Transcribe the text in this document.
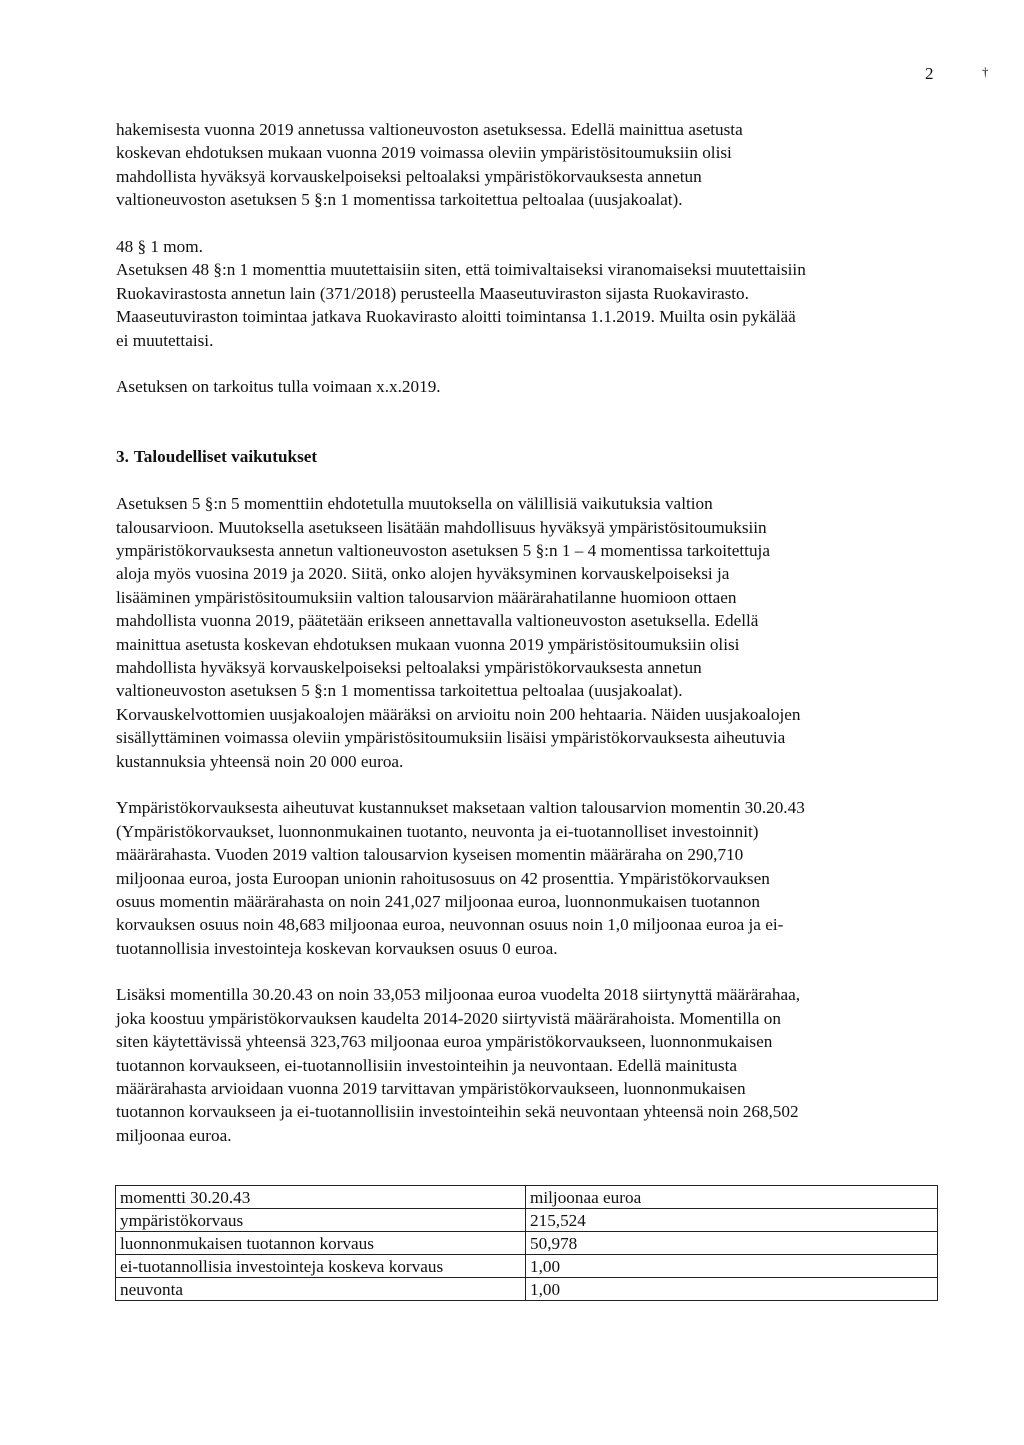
2	†
hakemisesta vuonna 2019 annetussa valtioneuvoston asetuksessa. Edellä mainittua asetusta
koskevan ehdotuksen mukaan vuonna 2019 voimassa oleviin ympäristösitoumuksiin olisi
mahdollista hyväksyä korvauskelpoiseksi peltoalaksi ympäristökorvauksesta annetun
valtioneuvoston asetuksen 5 §:n 1 momentissa tarkoitettua peltoalaa (uusjakoalat).
48 § 1 mom.
Asetuksen 48 §:n 1 momenttia muutettaisiin siten, että toimivaltaiseksi viranomaiseksi muutettaisiin
Ruokavirastosta annetun lain (371/2018) perusteella Maaseutuviraston sijasta Ruokavirasto.
Maaseutuviraston toimintaa jatkava Ruokavirasto aloitti toimintansa 1.1.2019. Muilta osin pykälää
ei muutettaisi.
Asetuksen on tarkoitus tulla voimaan x.x.2019.
3. Taloudelliset vaikutukset
Asetuksen 5 §:n 5 momenttiin ehdotetulla muutoksella on välillisiä vaikutuksia valtion
talousarvioon. Muutoksella asetukseen lisätään mahdollisuus hyväksyä ympäristösitoumuksiin
ympäristökorvauksesta annetun valtioneuvoston asetuksen 5 §:n 1 – 4 momentissa tarkoitettuja
aloja myös vuosina 2019 ja 2020. Siitä, onko alojen hyväksyminen korvauskelpoiseksi ja
lisääminen ympäristösitoumuksiin valtion talousarvion määrärahatilanne huomioon ottaen
mahdollista vuonna 2019, päätetään erikseen annettavalla valtioneuvoston asetuksella. Edellä
mainittua asetusta koskevan ehdotuksen mukaan vuonna 2019 ympäristösitoumuksiin olisi
mahdollista hyväksyä korvauskelpoiseksi peltoalaksi ympäristökorvauksesta annetun
valtioneuvoston asetuksen 5 §:n 1 momentissa tarkoitettua peltoalaa (uusjakoalat).
Korvauskelvottomien uusjakoalojen määräksi on arvioitu noin 200 hehtaaria. Näiden uusjakoalojen
sisällyttäminen voimassa oleviin ympäristösitoumuksiin lisäisi ympäristökorvauksesta aiheutuvia
kustannuksia yhteensä noin 20 000 euroa.
Ympäristökorvauksesta aiheutuvat kustannukset maksetaan valtion talousarvion momentin 30.20.43
(Ympäristökorvaukset, luonnonmukainen tuotanto, neuvonta ja ei-tuotannolliset investoinnit)
määrärahasta. Vuoden 2019 valtion talousarvion kyseisen momentin määräraha on 290,710
miljoonaa euroa, josta Euroopan unionin rahoitusosuus on 42 prosenttia. Ympäristökorvauksen
osuus momentin määrärahasta on noin 241,027 miljoonaa euroa, luonnonmukaisen tuotannon
korvauksen osuus noin 48,683 miljoonaa euroa, neuvonnan osuus noin 1,0 miljoonaa euroa ja ei-
tuotannollisia investointeja koskevan korvauksen osuus 0 euroa.
Lisäksi momentilla 30.20.43 on noin 33,053 miljoonaa euroa vuodelta 2018 siirtynyttä määrärahaa,
joka koostuu ympäristökorvauksen kaudelta 2014-2020 siirtyvistä määrärahoista. Momentilla on
siten käytettävissä yhteensä 323,763 miljoonaa euroa ympäristökorvaukseen, luonnonmukaisen
tuotannon korvaukseen, ei-tuotannollisiin investointeihin ja neuvontaan. Edellä mainitusta
määrärahasta arvioidaan vuonna 2019 tarvittavan ympäristökorvaukseen, luonnonmukaisen
tuotannon korvaukseen ja ei-tuotannollisiin investointeihin sekä neuvontaan yhteensä noin 268,502
miljoonaa euroa.
momentti 30.20.43	miljoonaa euroa
ympäristökorvaus	215,524
luonnonmukaisen tuotannon korvaus	50,978
ei-tuotannollisia investointeja koskeva korvaus	1,00
neuvonta	1,00
